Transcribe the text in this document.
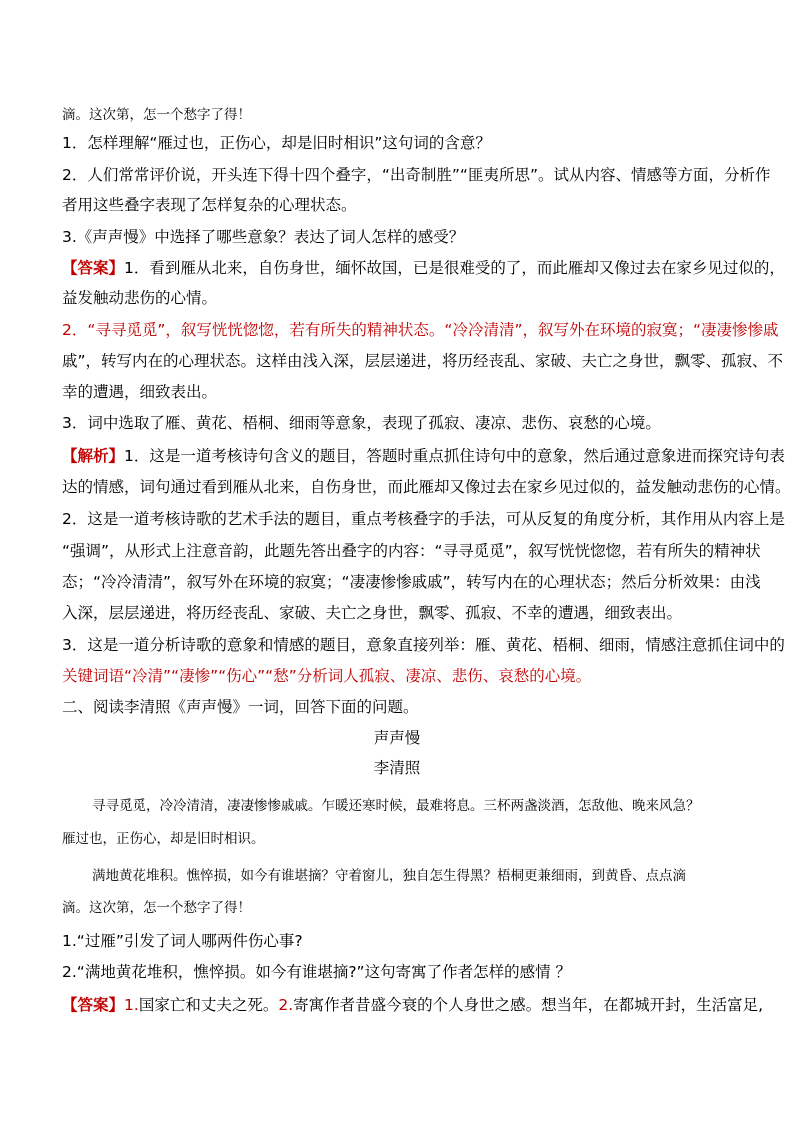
滴。这次第，怎一个愁字了得！
1．怎样理解“雁过也，正伤心，却是旧时相识”这句词的含意？
2．人们常常评价说，开头连下得十四个叠字，“出奇制胜”“匪夷所思”。试从内容、情感等方面，分析作
者用这些叠字表现了怎样复杂的心理状态。
3.《声声慢》中选择了哪些意象？表达了词人怎样的感受？
【答案】1．看到雁从北来，自伤身世，缅怀故国，已是很难受的了，而此雁却又像过去在家乡见过似的，
益发触动悲伤的心情。
2．“寻寻觅觅”，叙写恍恍惚惚，若有所失的精神状态。“冷冷清清”，叙写外在环境的寂寞；“凄凄惨惨戚
戚”，转写内在的心理状态。这样由浅入深，层层递进，将历经丧乱、家破、夫亡之身世，飘零、孤寂、不
幸的遭遇，细致表出。
3．词中选取了雁、黄花、梧桐、细雨等意象，表现了孤寂、凄凉、悲伤、哀愁的心境。
【解析】1．这是一道考核诗句含义的题目，答题时重点抓住诗句中的意象，然后通过意象进而探究诗句表
达的情感，词句通过看到雁从北来，自伤身世，而此雁却又像过去在家乡见过似的，益发触动悲伤的心情。
2．这是一道考核诗歌的艺术手法的题目，重点考核叠字的手法，可从反复的角度分析，其作用从内容上是
“强调”，从形式上注意音韵，此题先答出叠字的内容：“寻寻觅觅”，叙写恍恍惚惚，若有所失的精神状
态；“冷冷清清”，叙写外在环境的寂寞；“凄凄惨惨戚戚”，转写内在的心理状态；然后分析效果：由浅
入深，层层递进，将历经丧乱、家破、夫亡之身世，飘零、孤寂、不幸的遭遇，细致表出。
3．这是一道分析诗歌的意象和情感的题目，意象直接列举：雁、黄花、梧桐、细雨，情感注意抓住词中的
关键词语“冷清”“凄惨”“伤心”“愁”分析词人孤寂、凄凉、悲伤、哀愁的心境。
二、阅读李清照《声声慢》一词，回答下面的问题。
声声慢
李清照
寻寻觅觅，冷冷清清，凄凄惨惨戚戚。乍暖还寒时候，最难将息。三杯两盏淡酒，怎敌他、晚来风急？
雁过也，正伤心，却是旧时相识。
满地黄花堆积。憔悴损，如今有谁堪摘？守着窗儿，独自怎生得黑？梧桐更兼细雨，到黄昏、点点滴
滴。这次第，怎一个愁字了得！
1.“过雁”引发了词人哪两件伤心事?
2.“满地黄花堆积，憔悴损。如今有谁堪摘?”这句寄寓了作者怎样的感情 ？
【答案】1.国家亡和丈夫之死。2.寄寓作者昔盛今衰的个人身世之感。想当年，在都城开封，生活富足,
